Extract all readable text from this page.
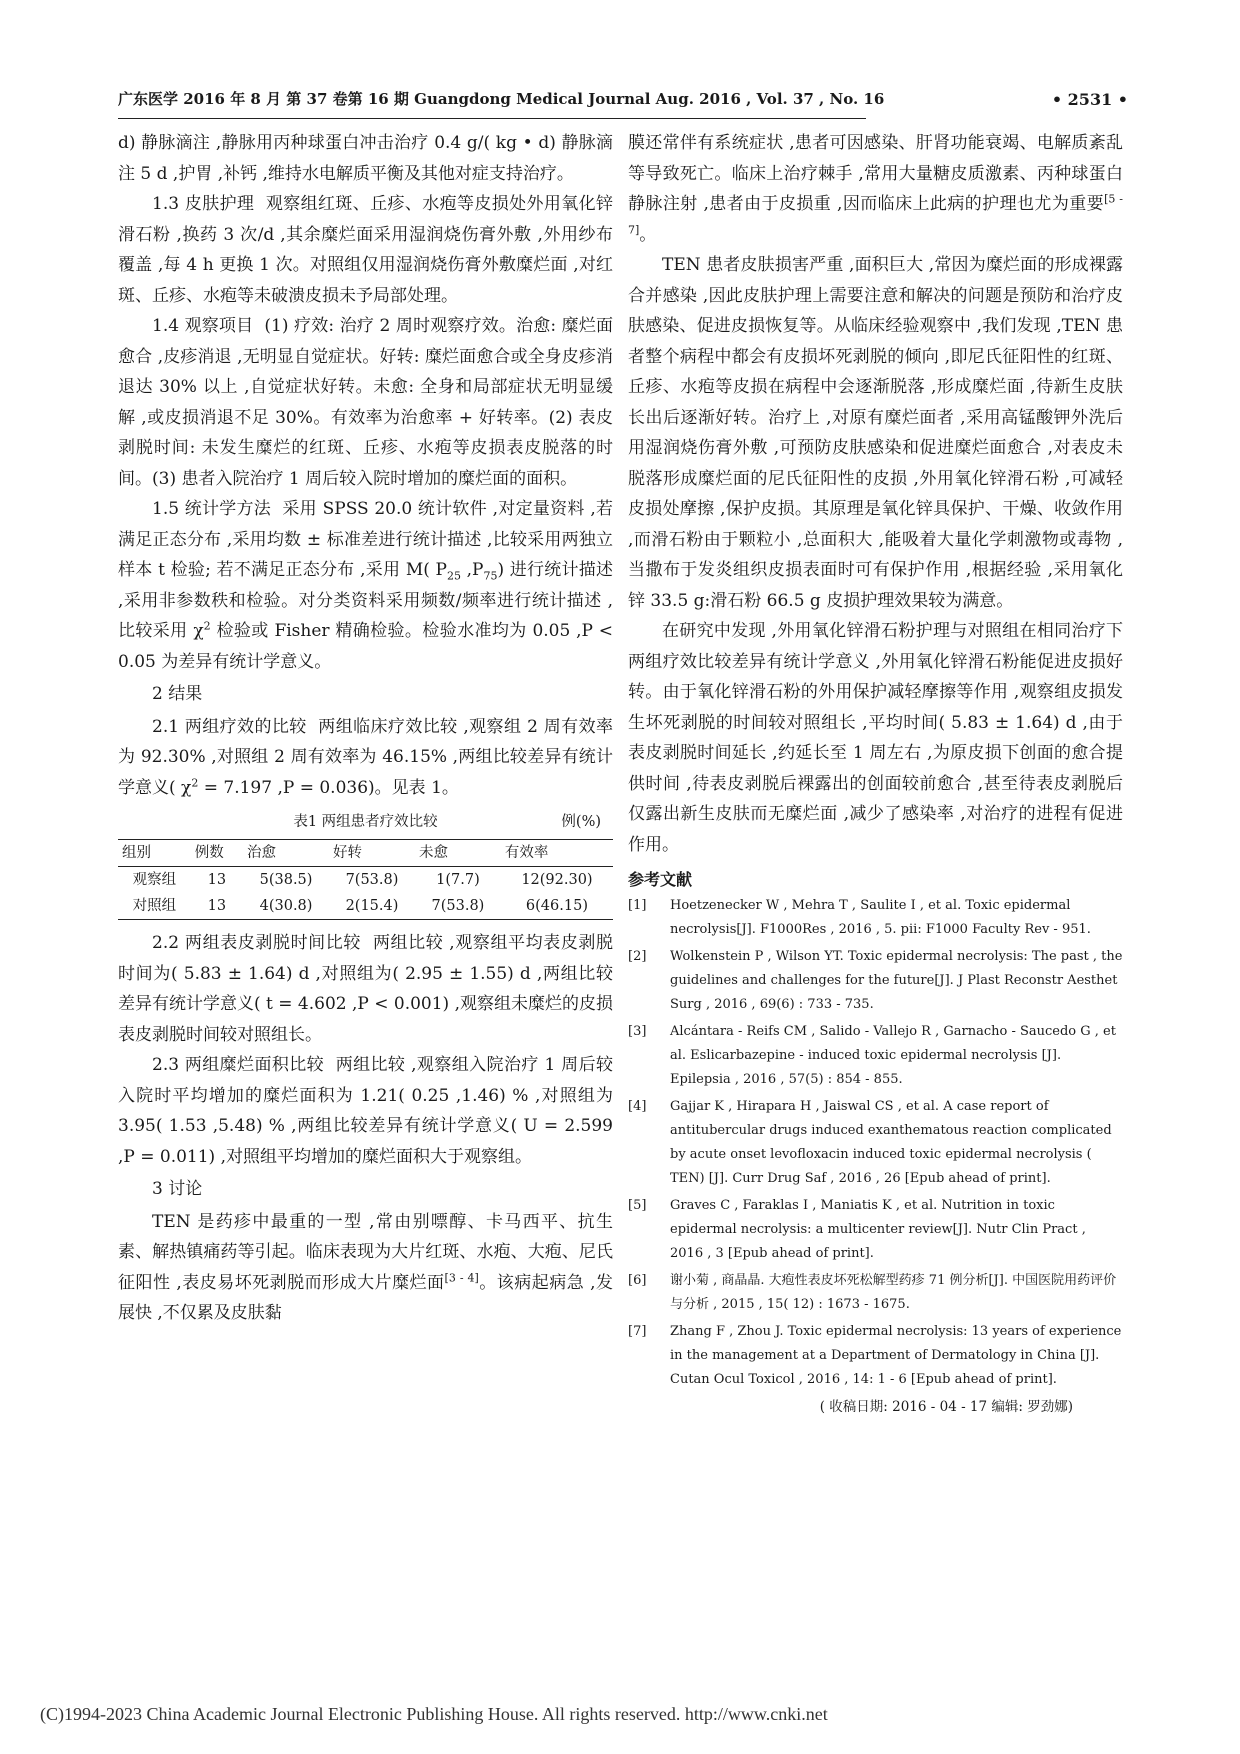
广东医学 2016 年 8 月 第 37 卷第 16 期 Guangdong Medical Journal Aug. 2016 , Vol. 37 , No. 16	• 2531 •

d) 静脉滴注 ,静脉用丙种球蛋白冲击治疗 0.4 g/( kg • d) 静脉滴注 5 d ,护胃 ,补钙 ,维持水电解质平衡及其他对症支持治疗。

1.3 皮肤护理 观察组红斑、丘疹、水疱等皮损处外用氧化锌滑石粉 ,换药 3 次/d ,其余糜烂面采用湿润烧伤膏外敷 ,外用纱布覆盖 ,每 4 h 更换 1 次。对照组仅用湿润烧伤膏外敷糜烂面 ,对红斑、丘疹、水疱等未破溃皮损未予局部处理。

1.4 观察项目 (1) 疗效: 治疗 2 周时观察疗效。治愈: 糜烂面愈合 ,皮疹消退 ,无明显自觉症状。好转: 糜烂面愈合或全身皮疹消退达 30% 以上 ,自觉症状好转。未愈: 全身和局部症状无明显缓解 ,或皮损消退不足 30%。有效率为治愈率 + 好转率。(2) 表皮剥脱时间: 未发生糜烂的红斑、丘疹、水疱等皮损表皮脱落的时间。(3) 患者入院治疗 1 周后较入院时增加的糜烂面的面积。

1.5 统计学方法 采用 SPSS 20.0 统计软件 ,对定量资料 ,若满足正态分布 ,采用均数 ± 标准差进行统计描述 ,比较采用两独立样本 t 检验; 若不满足正态分布 ,采用 M( $P_{25}$ $,P_{75}$) 进行统计描述 ,采用非参数秩和检验。对分类资料采用频数/频率进行统计描述 ,比较采用 $\chi^2$ 检验或 Fisher 精确检验。检验水准均为 0.05 ,P < 0.05 为差异有统计学意义。

2 结果

2.1 两组疗效的比较 两组临床疗效比较 ,观察组 2 周有效率为 92.30% ,对照组 2 周有效率为 46.15% ,两组比较差异有统计学意义( $\chi^2 = 7.197$ ,P = 0.036)。见表 1。

表1 两组患者疗效比较	例(%)
组别	例数	治愈	好转	未愈	有效率
观察组	13	5(38.5)	7(53.8)	1(7.7)	12(92.30)
对照组	13	4(30.8)	2(15.4)	7(53.8)	6(46.15)

2.2 两组表皮剥脱时间比较 两组比较 ,观察组平均表皮剥脱时间为( 5.83 ± 1.64) d ,对照组为( 2.95 ± 1.55) d ,两组比较差异有统计学意义( t = 4.602 ,P < 0.001) ,观察组未糜烂的皮损表皮剥脱时间较对照组长。

2.3 两组糜烂面积比较 两组比较 ,观察组入院治疗 1 周后较入院时平均增加的糜烂面积为 1.21( 0.25 ,1.46) % ,对照组为 3.95( 1.53 ,5.48) % ,两组比较差异有统计学意义( U = 2.599 ,P = 0.011) ,对照组平均增加的糜烂面积大于观察组。

3 讨论

TEN 是药疹中最重的一型 ,常由别嘌醇、卡马西平、抗生素、解热镇痛药等引起。临床表现为大片红斑、水疱、大疱、尼氏征阳性 ,表皮易坏死剥脱而形成大片糜烂面[3 - 4]。该病起病急 ,发展快 ,不仅累及皮肤黏

膜还常伴有系统症状 ,患者可因感染、肝肾功能衰竭、电解质紊乱等导致死亡。临床上治疗棘手 ,常用大量糖皮质激素、丙种球蛋白静脉注射 ,患者由于皮损重 ,因而临床上此病的护理也尤为重要[5 - 7]。

TEN 患者皮肤损害严重 ,面积巨大 ,常因为糜烂面的形成裸露合并感染 ,因此皮肤护理上需要注意和解决的问题是预防和治疗皮肤感染、促进皮损恢复等。从临床经验观察中 ,我们发现 ,TEN 患者整个病程中都会有皮损坏死剥脱的倾向 ,即尼氏征阳性的红斑、丘疹、水疱等皮损在病程中会逐渐脱落 ,形成糜烂面 ,待新生皮肤长出后逐渐好转。治疗上 ,对原有糜烂面者 ,采用高锰酸钾外洗后用湿润烧伤膏外敷 ,可预防皮肤感染和促进糜烂面愈合 ,对表皮未脱落形成糜烂面的尼氏征阳性的皮损 ,外用氧化锌滑石粉 ,可减轻皮损处摩擦 ,保护皮损。其原理是氧化锌具保护、干燥、收敛作用 ,而滑石粉由于颗粒小 ,总面积大 ,能吸着大量化学刺激物或毒物 ,当撒布于发炎组织皮损表面时可有保护作用 ,根据经验 ,采用氧化锌 33.5 g:滑石粉 66.5 g 皮损护理效果较为满意。

在研究中发现 ,外用氧化锌滑石粉护理与对照组在相同治疗下两组疗效比较差异有统计学意义 ,外用氧化锌滑石粉能促进皮损好转。由于氧化锌滑石粉的外用保护减轻摩擦等作用 ,观察组皮损发生坏死剥脱的时间较对照组长 ,平均时间( 5.83 ± 1.64) d ,由于表皮剥脱时间延长 ,约延长至 1 周左右 ,为原皮损下创面的愈合提供时间 ,待表皮剥脱后裸露出的创面较前愈合 ,甚至待表皮剥脱后仅露出新生皮肤而无糜烂面 ,减少了感染率 ,对治疗的进程有促进作用。

参考文献
[1]	Hoetzenecker W , Mehra T , Saulite I , et al. Toxic epidermal necrolysis[J]. F1000Res , 2016 , 5. pii: F1000 Faculty Rev - 951.
[2]	Wolkenstein P , Wilson YT. Toxic epidermal necrolysis: The past , the guidelines and challenges for the future[J]. J Plast Reconstr Aesthet Surg , 2016 , 69(6) : 733 - 735.
[3]	Alcántara - Reifs CM , Salido - Vallejo R , Garnacho - Saucedo G , et al. Eslicarbazepine - induced toxic epidermal necrolysis [J]. Epilepsia , 2016 , 57(5) : 854 - 855.
[4]	Gajjar K , Hirapara H , Jaiswal CS , et al. A case report of antitubercular drugs induced exanthematous reaction complicated by acute onset levofloxacin induced toxic epidermal necrolysis ( TEN) [J]. Curr Drug Saf , 2016 , 26 [Epub ahead of print].
[5]	Graves C , Faraklas I , Maniatis K , et al. Nutrition in toxic epidermal necrolysis: a multicenter review[J]. Nutr Clin Pract , 2016 , 3 [Epub ahead of print].
[6]	谢小菊 , 商晶晶. 大疱性表皮坏死松解型药疹 71 例分析[J]. 中国医院用药评价与分析 , 2015 , 15( 12) : 1673 - 1675.
[7]	Zhang F , Zhou J. Toxic epidermal necrolysis: 13 years of experience in the management at a Department of Dermatology in China [J]. Cutan Ocul Toxicol , 2016 , 14: 1 - 6 [Epub ahead of print].
( 收稿日期: 2016 - 04 - 17 编辑: 罗劲娜)
(C)1994-2023 China Academic Journal Electronic Publishing House. All rights reserved. http://www.cnki.net
